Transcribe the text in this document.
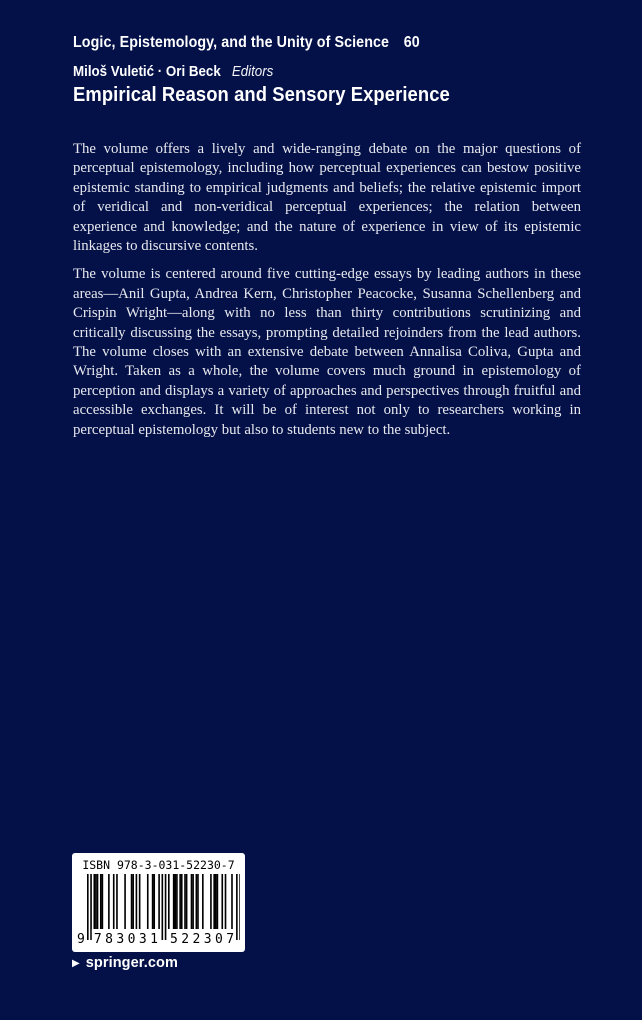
Logic, Epistemology, and the Unity of Science 60
Miloš Vuletić · Ori Beck Editors
Empirical Reason and Sensory Experience

The volume offers a lively and wide-ranging debate on the major questions of perceptual epistemology, including how perceptual experiences can bestow positive epistemic standing to empirical judgments and beliefs; the relative epistemic import of veridical and non-veridical perceptual experiences; the relation between experience and knowledge; and the nature of experience in view of its epistemic linkages to discursive contents.

The volume is centered around five cutting-edge essays by leading authors in these areas—Anil Gupta, Andrea Kern, Christopher Peacocke, Susanna Schellenberg and Crispin Wright—along with no less than thirty contributions scrutinizing and critically discussing the essays, prompting detailed rejoinders from the lead authors. The volume closes with an extensive debate between Annalisa Coliva, Gupta and Wright. Taken as a whole, the volume covers much ground in epistemology of perception and displays a variety of approaches and perspectives through fruitful and accessible exchanges. It will be of interest not only to researchers working in perceptual epistemology but also to students new to the subject.

ISBN 978-3-031-52230-7
9 783031 522307
▶ springer.com
